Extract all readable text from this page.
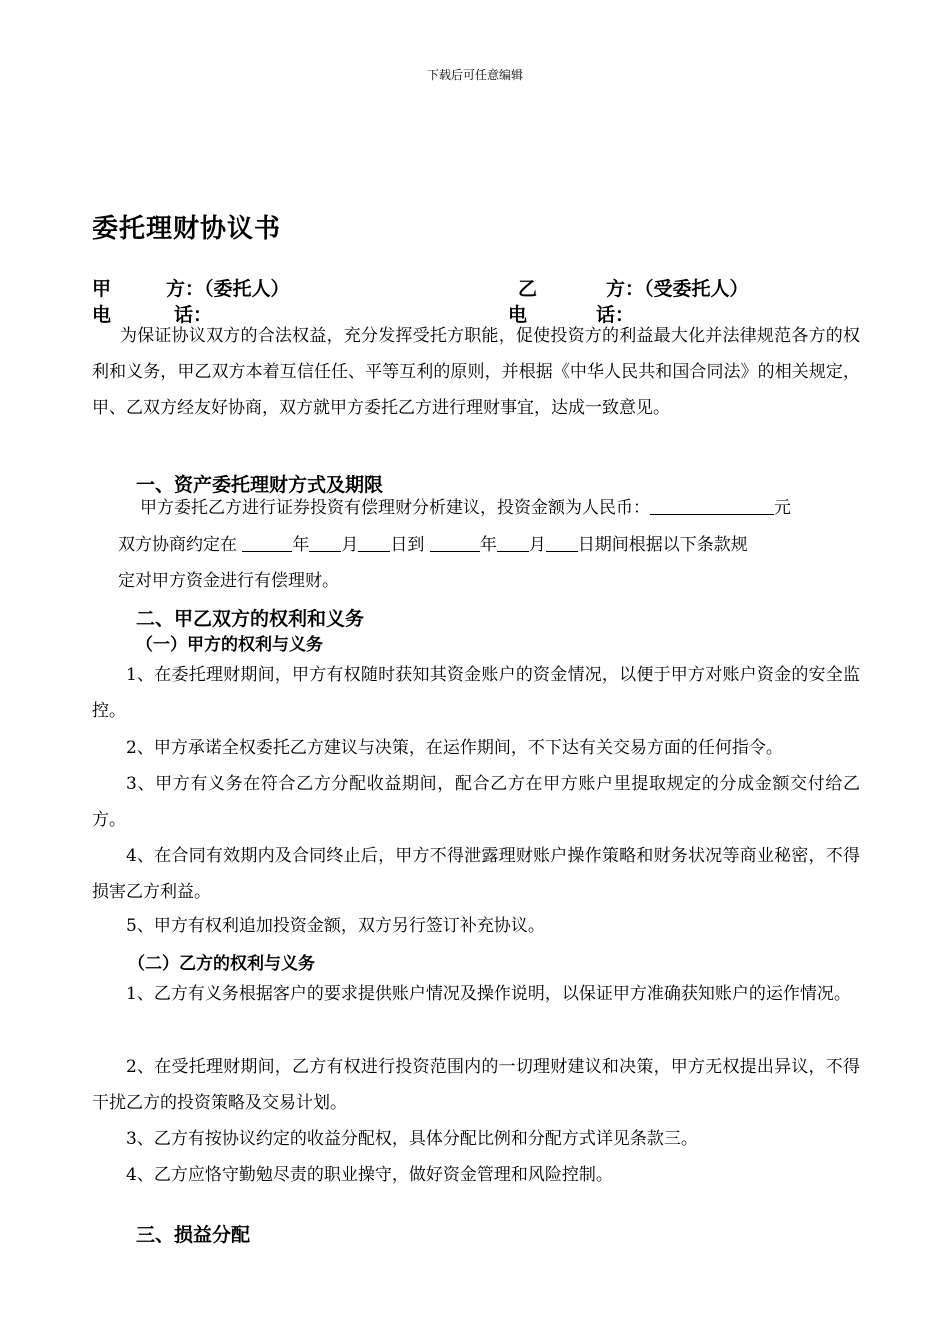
下载后可任意编辑
委托理财协议书
甲	方：（委托人）	乙	方：（受委托人）
电	话：	电	话：
为保证协议双方的合法权益，充分发挥受托方职能，促使投资方的利益最大化并法律规范各方的权利和义务，甲乙双方本着互信任任、平等互利的原则，并根据《中华人民共和国合同法》的相关规定，甲、乙双方经友好协商，双方就甲方委托乙方进行理财事宜，达成一致意见。
一、资产委托理财方式及期限
甲方委托乙方进行证券投资有偿理财分析建议，投资金额为人民币：	元
双方协商约定在	年 月 日到	年 月 日期间根据以下条款规
定对甲方资金进行有偿理财。
二、甲乙双方的权利和义务
（一）甲方的权利与义务
1、在委托理财期间，甲方有权随时获知其资金账户的资金情况，以便于甲方对账户资金的安全监控。
2、甲方承诺全权委托乙方建议与决策，在运作期间，不下达有关交易方面的任何指令。
3、甲方有义务在符合乙方分配收益期间，配合乙方在甲方账户里提取规定的分成金额交付给乙方。
4、在合同有效期内及合同终止后，甲方不得泄露理财账户操作策略和财务状况等商业秘密，不得损害乙方利益。
5、甲方有权利追加投资金额，双方另行签订补充协议。
（二）乙方的权利与义务
1、乙方有义务根据客户的要求提供账户情况及操作说明，以保证甲方准确获知账户的运作情况。
2、在受托理财期间，乙方有权进行投资范围内的一切理财建议和决策，甲方无权提出异议，不得干扰乙方的投资策略及交易计划。
3、乙方有按协议约定的收益分配权，具体分配比例和分配方式详见条款三。
4、乙方应恪守勤勉尽责的职业操守，做好资金管理和风险控制。
三、损益分配
